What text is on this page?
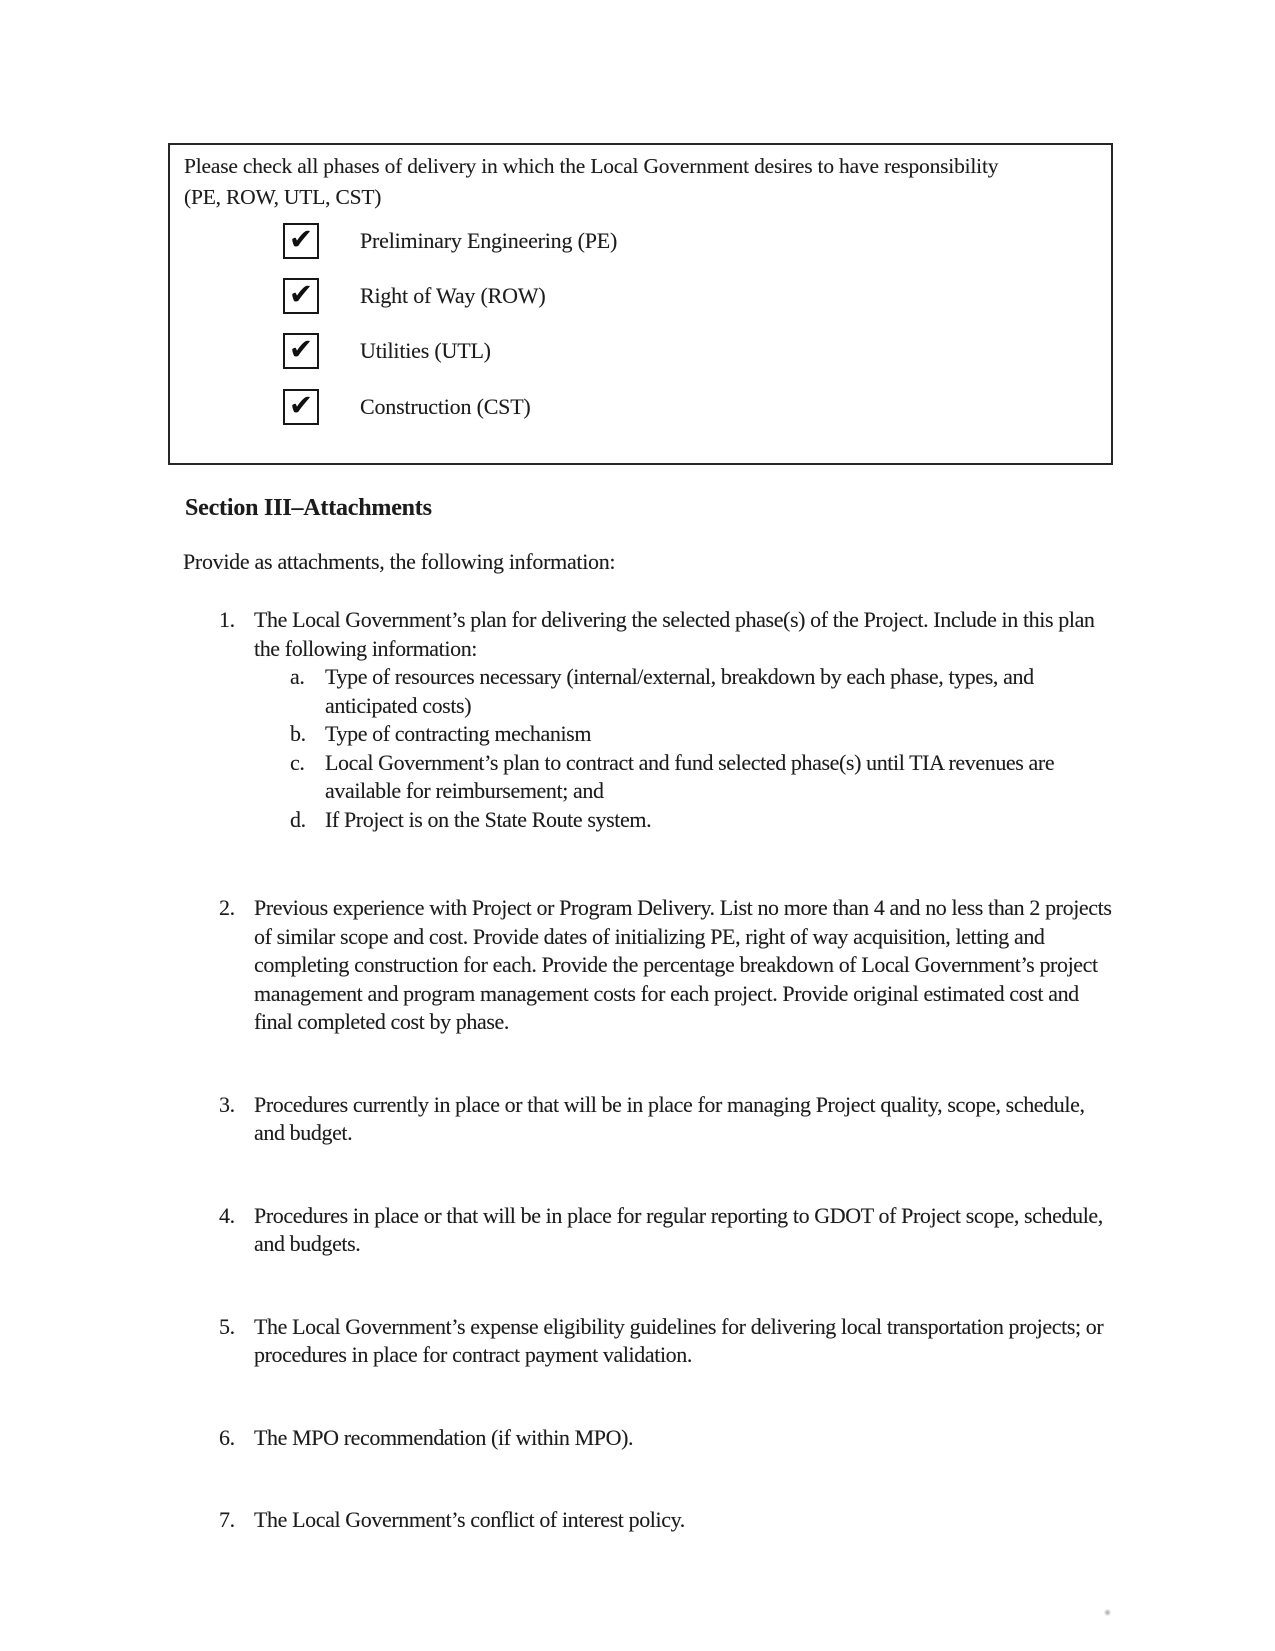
Please check all phases of delivery in which the Local Government desires to have responsibility
(PE, ROW, UTL, CST)
✔ Preliminary Engineering (PE)
✔ Right of Way (ROW)
✔ Utilities (UTL)
✔ Construction (CST)
Section III–Attachments

Provide as attachments, the following information:

1. The Local Government’s plan for delivering the selected phase(s) of the Project. Include in this plan the following information:
a. Type of resources necessary (internal/external, breakdown by each phase, types, and anticipated costs)
b. Type of contracting mechanism
c. Local Government’s plan to contract and fund selected phase(s) until TIA revenues are available for reimbursement; and
d. If Project is on the State Route system.
2. Previous experience with Project or Program Delivery. List no more than 4 and no less than 2 projects of similar scope and cost. Provide dates of initializing PE, right of way acquisition, letting and completing construction for each. Provide the percentage breakdown of Local Government’s project management and program management costs for each project. Provide original estimated cost and final completed cost by phase.
3. Procedures currently in place or that will be in place for managing Project quality, scope, schedule, and budget.
4. Procedures in place or that will be in place for regular reporting to GDOT of Project scope, schedule, and budgets.
5. The Local Government’s expense eligibility guidelines for delivering local transportation projects; or procedures in place for contract payment validation.
6. The MPO recommendation (if within MPO).
7. The Local Government’s conflict of interest policy.
